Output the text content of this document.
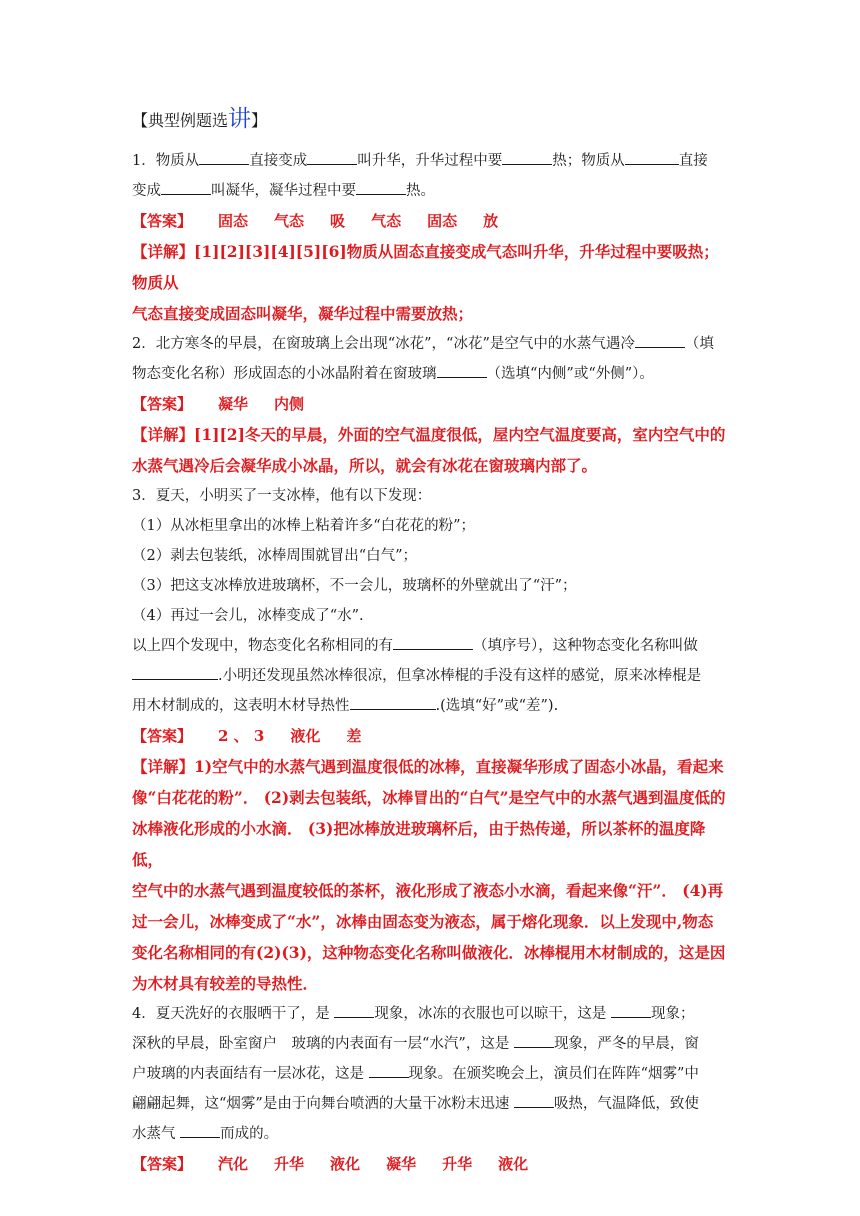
【典型例题选讲】

1．物质从	直接变成	叫升华，升华过程中要	热；物质从	直接

变成	叫凝华，凝华过程中要	热。

【答案】 固态 气态 吸 气态 固态 放

【详解】[1][2][3][4][5][6]物质从固态直接变成气态叫升华，升华过程中要吸热；物质从

气态直接变成固态叫凝华，凝华过程中需要放热；

2．北方寒冬的早晨，在窗玻璃上会出现“冰花”，“冰花”是空气中的水蒸气遇冷	（填

物态变化名称）形成固态的小冰晶附着在窗玻璃	（选填“内侧”或“外侧”）。

【答案】 凝华 内侧

【详解】[1][2]冬天的早晨，外面的空气温度很低，屋内空气温度要高，室内空气中的

水蒸气遇冷后会凝华成小冰晶，所以，就会有冰花在窗玻璃内部了。

3．夏天，小明买了一支冰棒，他有以下发现：

（1）从冰柜里拿出的冰棒上粘着许多“白花花的粉”；

（2）剥去包装纸，冰棒周围就冒出“白气”；

（3）把这支冰棒放进玻璃杯，不一会儿，玻璃杯的外壁就出了“汗”；

（4）再过一会儿，冰棒变成了“水”.

以上四个发现中，物态变化名称相同的有	（填序号），这种物态变化名称叫做

.小明还发现虽然冰棒很凉，但拿冰棒棍的手没有这样的感觉，原来冰棒棍是

用木材制成的，这表明木材导热性	.(选填“好”或“差”).

【答案】 2 、 3 液化 差

【详解】1)空气中的水蒸气遇到温度很低的冰棒，直接凝华形成了固态小冰晶，看起来

像“白花花的粉”． (2)剥去包装纸，冰棒冒出的“白气”是空气中的水蒸气遇到温度低的

冰棒液化形成的小水滴． (3)把冰棒放进玻璃杯后，由于热传递，所以茶杯的温度降低，

空气中的水蒸气遇到温度较低的茶杯，液化形成了液态小水滴，看起来像“汗”． (4)再

过一会儿，冰棒变成了“水”，冰棒由固态变为液态，属于熔化现象．以上发现中,物态

变化名称相同的有(2)(3)，这种物态变化名称叫做液化．冰棒棍用木材制成的，这是因

为木材具有较差的导热性．

4．夏天洗好的衣服晒干了，是	现象，冰冻的衣服也可以晾干，这是	现象；

深秋的早晨，卧室窗户　玻璃的内表面有一层“水汽”，这是	现象，严冬的早晨，窗

户玻璃的内表面结有一层冰花，这是	现象。在颁奖晚会上，演员们在阵阵“烟雾”中

翩翩起舞，这“烟雾”是由于向舞台喷洒的大量干冰粉末迅速	吸热，气温降低，致使

水蒸气	而成的。

【答案】 汽化 升华 液化 凝华 升华 液化
